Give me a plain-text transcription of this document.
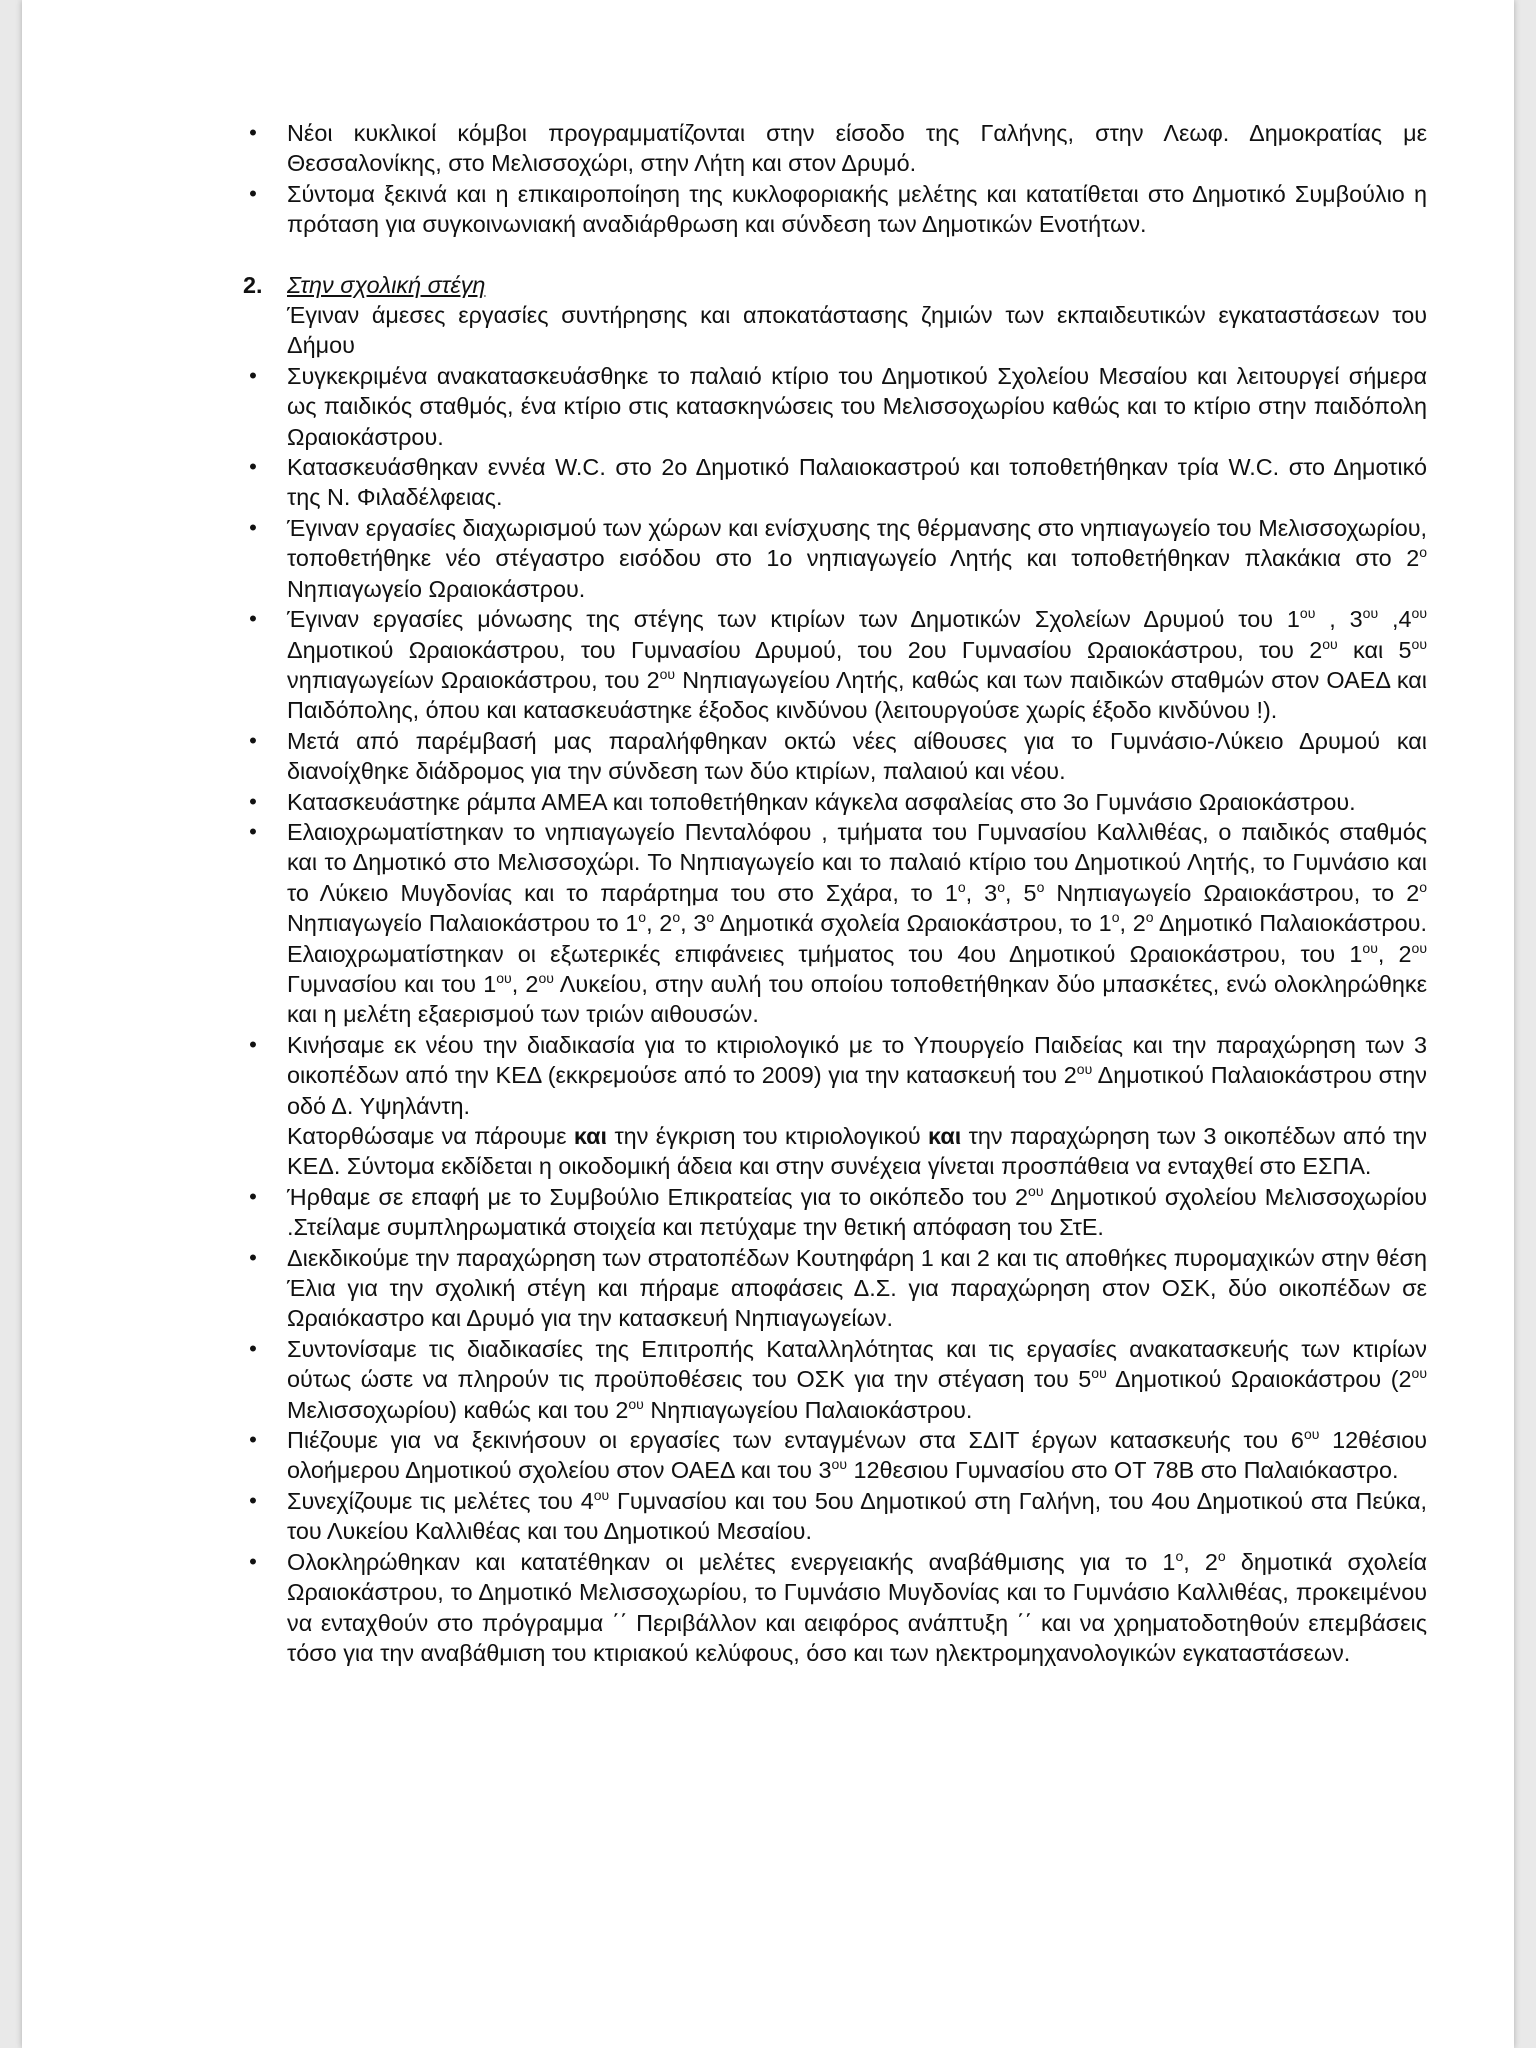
• Νέοι κυκλικοί κόμβοι προγραμματίζονται στην είσοδο της Γαλήνης, στην Λεωφ. Δημοκρατίας με Θεσσαλονίκης, στο Μελισσοχώρι, στην Λήτη και στον Δρυμό.
• Σύντομα ξεκινά και η επικαιροποίηση της κυκλοφοριακής μελέτης και κατατίθεται στο Δημοτικό Συμβούλιο η πρόταση για συγκοινωνιακή αναδιάρθρωση και σύνδεση των Δημοτικών Ενοτήτων.
2. Στην σχολική στέγη
Έγιναν άμεσες εργασίες συντήρησης και αποκατάστασης ζημιών των εκπαιδευτικών εγκαταστάσεων του Δήμου
• Συγκεκριμένα ανακατασκευάσθηκε το παλαιό κτίριο του Δημοτικού Σχολείου Μεσαίου και λειτουργεί σήμερα ως παιδικός σταθμός, ένα κτίριο στις κατασκηνώσεις του Μελισσοχωρίου καθώς και το κτίριο στην παιδόπολη Ωραιοκάστρου.
• Κατασκευάσθηκαν εννέα W.C. στο 2ο Δημοτικό Παλαιοκαστρού και τοποθετήθηκαν τρία W.C. στο Δημοτικό της Ν. Φιλαδέλφειας.
• Έγιναν εργασίες διαχωρισμού των χώρων και ενίσχυσης της θέρμανσης στο νηπιαγωγείο του Μελισσοχωρίου, τοποθετήθηκε νέο στέγαστρο εισόδου στο 1ο νηπιαγωγείο Λητής και τοποθετήθηκαν πλακάκια στο $2^o$ Νηπιαγωγείο Ωραιοκάστρου.
• Έγιναν εργασίες μόνωσης της στέγης των κτιρίων των Δημοτικών Σχολείων Δρυμού του $1^{o\upsilon}$ , $3^{o\upsilon}$ $,4^{o\upsilon}$ Δημοτικού Ωραιοκάστρου, του Γυμνασίου Δρυμού, του 2ου Γυμνασίου Ωραιοκάστρου, του $2^{o\upsilon}$ και $5^{o\upsilon}$ νηπιαγωγείων Ωραιοκάστρου, του $2^{o\upsilon}$ Νηπιαγωγείου Λητής, καθώς και των παιδικών σταθμών στον ΟΑΕΔ και Παιδόπολης, όπου και κατασκευάστηκε έξοδος κινδύνου (λειτουργούσε χωρίς έξοδο κινδύνου !).
• Μετά από παρέμβασή μας παραλήφθηκαν οκτώ νέες αίθουσες για το Γυμνάσιο-Λύκειο Δρυμού και διανοίχθηκε διάδρομος για την σύνδεση των δύο κτιρίων, παλαιού και νέου.
• Κατασκευάστηκε ράμπα ΑΜΕΑ και τοποθετήθηκαν κάγκελα ασφαλείας στο 3ο Γυμνάσιο Ωραιοκάστρου.
• Ελαιοχρωματίστηκαν το νηπιαγωγείο Πενταλόφου , τμήματα του Γυμνασίου Καλλιθέας, ο παιδικός σταθμός και το Δημοτικό στο Μελισσοχώρι. Το Νηπιαγωγείο και το παλαιό κτίριο του Δημοτικού Λητής, το Γυμνάσιο και το Λύκειο Μυγδονίας και το παράρτημα του στο Σχάρα, το $1^o$, $3^o$, $5^o$ Νηπιαγωγείο Ωραιοκάστρου, το $2^o$ Νηπιαγωγείο Παλαιοκάστρου το $1^o$, $2^o$, $3^o$ Δημοτικά σχολεία Ωραιοκάστρου, το $1^o$, $2^o$ Δημοτικό Παλαιοκάστρου. Ελαιοχρωματίστηκαν οι εξωτερικές επιφάνειες τμήματος του 4ου Δημοτικού Ωραιοκάστρου, του $1^{o\upsilon}$, $2^{o\upsilon}$ Γυμνασίου και του $1^{o\upsilon}$, $2^{o\upsilon}$ Λυκείου, στην αυλή του οποίου τοποθετήθηκαν δύο μπασκέτες, ενώ ολοκληρώθηκε και η μελέτη εξαερισμού των τριών αιθουσών.
• Κινήσαμε εκ νέου την διαδικασία για το κτιριολογικό με το Υπουργείο Παιδείας και την παραχώρηση των 3 οικοπέδων από την ΚΕΔ (εκκρεμούσε από το 2009) για την κατασκευή του $2^{o\upsilon}$ Δημοτικού Παλαιοκάστρου στην οδό Δ. Υψηλάντη.
Κατορθώσαμε να πάρουμε και την έγκριση του κτιριολογικού και την παραχώρηση των 3 οικοπέδων από την ΚΕΔ. Σύντομα εκδίδεται η οικοδομική άδεια και στην συνέχεια γίνεται προσπάθεια να ενταχθεί στο ΕΣΠΑ.
• Ήρθαμε σε επαφή με το Συμβούλιο Επικρατείας για το οικόπεδο του $2^{o\upsilon}$ Δημοτικού σχολείου Μελισσοχωρίου .Στείλαμε συμπληρωματικά στοιχεία και πετύχαμε την θετική απόφαση του ΣτΕ.
• Διεκδικούμε την παραχώρηση των στρατοπέδων Κουτηφάρη 1 και 2 και τις αποθήκες πυρομαχικών στην θέση Έλια για την σχολική στέγη και πήραμε αποφάσεις Δ.Σ. για παραχώρηση στον ΟΣΚ, δύο οικοπέδων σε Ωραιόκαστρο και Δρυμό για την κατασκευή Νηπιαγωγείων.
• Συντονίσαμε τις διαδικασίες της Επιτροπής Καταλληλότητας και τις εργασίες ανακατασκευής των κτιρίων ούτως ώστε να πληρούν τις προϋποθέσεις του ΟΣΚ για την στέγαση του $5^{o\upsilon}$ Δημοτικού Ωραιοκάστρου ($2^{o\upsilon}$ Μελισσοχωρίου) καθώς και του $2^{o\upsilon}$ Νηπιαγωγείου Παλαιοκάστρου.
• Πιέζουμε για να ξεκινήσουν οι εργασίες των ενταγμένων στα ΣΔΙΤ έργων κατασκευής του $6^{o\upsilon}$ 12θέσιου ολοήμερου Δημοτικού σχολείου στον ΟΑΕΔ και του $3^{o\upsilon}$ 12θεσιου Γυμνασίου στο ΟΤ 78Β στο Παλαιόκαστρο.
• Συνεχίζουμε τις μελέτες του $4^{o\upsilon}$ Γυμνασίου και του 5ου Δημοτικού στη Γαλήνη, του 4ου Δημοτικού στα Πεύκα, του Λυκείου Καλλιθέας και του Δημοτικού Μεσαίου.
• Ολοκληρώθηκαν και κατατέθηκαν οι μελέτες ενεργειακής αναβάθμισης για το $1^o$, $2^o$ δημοτικά σχολεία Ωραιοκάστρου, το Δημοτικό Μελισσοχωρίου, το Γυμνάσιο Μυγδονίας και το Γυμνάσιο Καλλιθέας, προκειμένου να ενταχθούν στο πρόγραμμα ΄΄ Περιβάλλον και αειφόρος ανάπτυξη ΄΄ και να χρηματοδοτηθούν επεμβάσεις τόσο για την αναβάθμιση του κτιριακού κελύφους, όσο και των ηλεκτρομηχανολογικών εγκαταστάσεων.
